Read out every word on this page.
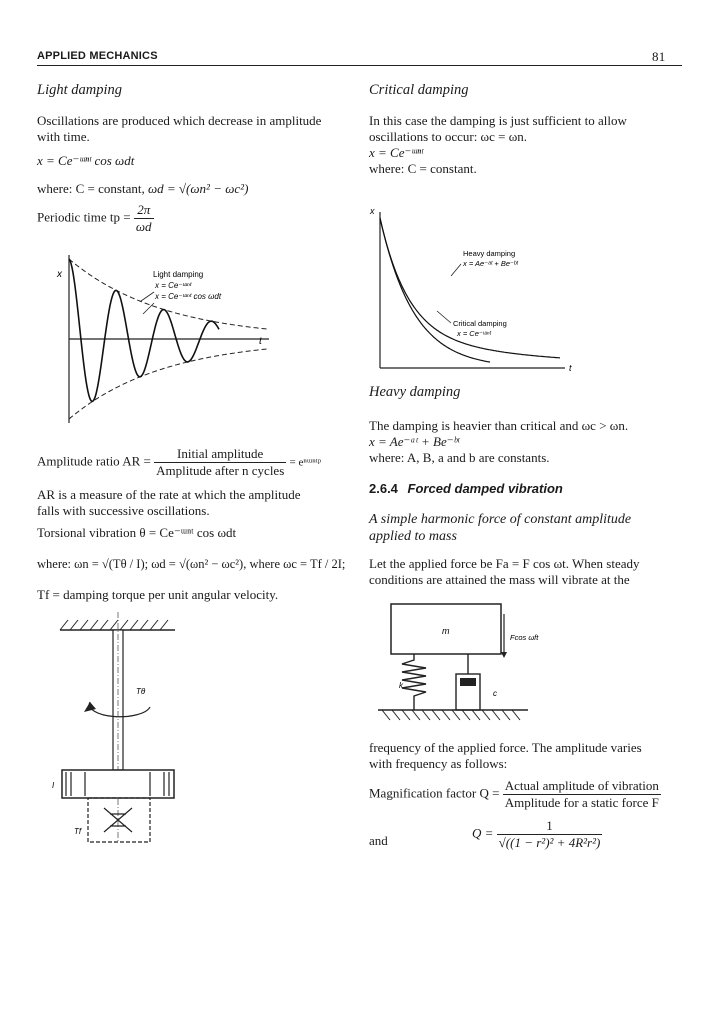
APPLIED MECHANICS	81
Light damping
Oscillations are produced which decrease in amplitude
with time.
x = Ce⁻ᵚⁿᵗ cos ωdt
where: C = constant, ωd = √(ωn² − ωc²)
Periodic time tp = $\frac{2\pi}{\omega d}$
x
t
Light damping
x = Ce⁻ᵚⁿᵗ
x = Ce⁻ᵚⁿᵗ cos ωdt
Amplitude ratio AR = $\frac{\text{Initial amplitude}}{\text{Amplitude after n cycles}}$ = eⁿᵚⁿᵗᵖ
AR is a measure of the rate at which the amplitude
falls with successive oscillations.
Torsional vibration θ = Ce⁻ᵚⁿᵗ cos ωdt
where: ωn = √(Tθ / I); ωd = √(ωn² − ωc²), where ωc = Tf / 2I;
Tf = damping torque per unit angular velocity.
Tθ
I
Tf
Critical damping
In this case the damping is just sufficient to allow
oscillations to occur: ωc = ωn.
x = Ce⁻ᵚⁿᵗ
where: C = constant.
x
t
Heavy damping
x = Ae⁻ᵃᵗ + Be⁻ᵇᵗ
Critical damping
x = Ce⁻ᵚⁿᵗ
Heavy damping
The damping is heavier than critical and ωc > ωn.
x = Ae⁻ᵃᵗ + Be⁻ᵇᵗ
where: A, B, a and b are constants.
2.6.4 Forced damped vibration
A simple harmonic force of constant amplitude
applied to mass
Let the applied force be Fa = F cos ωt. When steady
conditions are attained the mass will vibrate at the
m
Fcos ωft
k
c
frequency of the applied force. The amplitude varies
with frequency as follows:
Magnification factor $Q = \frac{\text{Actual amplitude of vibration}}{\text{Amplitude for a static force F}}$
and
$Q = \frac{1}{\text{√((1 − r²)² + 4R²r²)}}$
